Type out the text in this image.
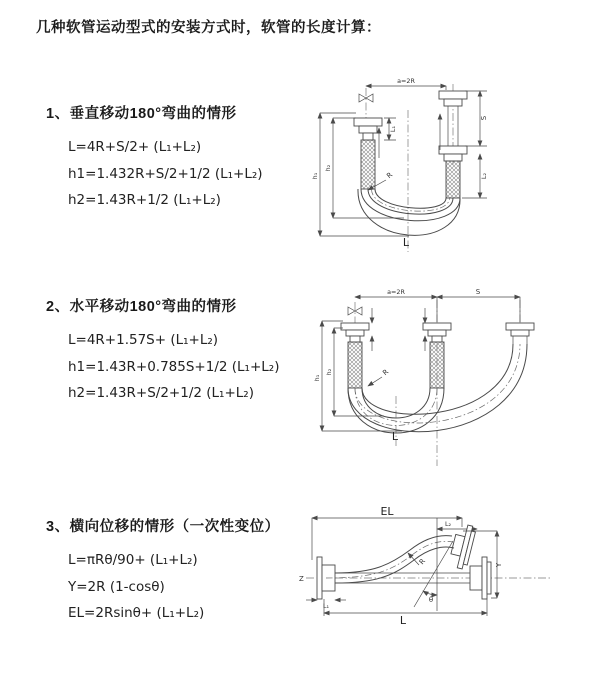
几种软管运动型式的安装方式时，软管的长度计算：

1、垂直移动180°弯曲的情形

L=4R+S/2+ (L₁+L₂)

h1=1.432R+S/2+1/2 (L₁+L₂)

h2=1.43R+1/2 (L₁+L₂)

2、水平移动180°弯曲的情形

L=4R+1.57S+ (L₁+L₂)

h1=1.43R+0.785S+1/2 (L₁+L₂)

h2=1.43R+S/2+1/2 (L₁+L₂)

3、横向位移的情形（一次性变位）

L=πRθ/90+ (L₁+L₂)

Y=2R (1-cosθ)

EL=2Rsinθ+ (L₁+L₂)

a=2R
h₁
h₂
L₁
S
L₂
R
L
a=2R	S
h₁
h₂	R
L
Z
EL
L₂
θ
R	Y
L₁
L
